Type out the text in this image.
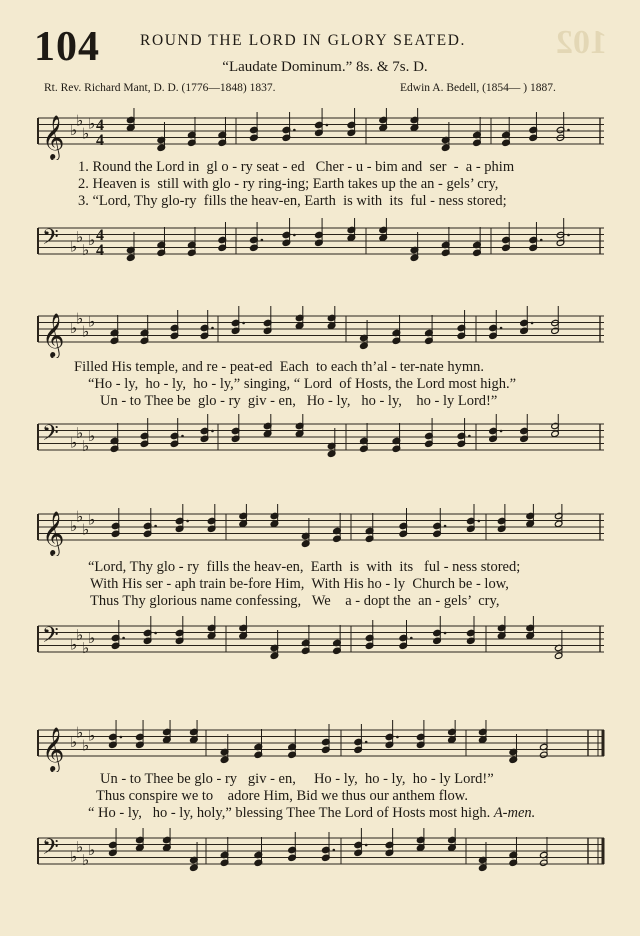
102
104	ROUND THE LORD IN GLORY SEATED.
“Laudate Dominum.” 8s. & 7s. D.
Rt. Rev. Richard Mant, D. D. (1776—1848) 1837.	Edwin A. Bedell, (1854— ) 1887.
𝄞 ♭
♭
♭
♭ 4
4
1. Round the Lord in  gl o - ry seat - ed   Cher - u - bim and  ser  -  a - phim
2. Heaven is  still with glo - ry ring-ing; Earth takes up the an - gels’ cry,
3. “Lord, Thy glo-ry  fills the heav-en, Earth  is with  its  ful - ness stored;
𝄢 ♭
♭
♭
♭ 4
4
𝄞 ♭
♭
♭
♭
Filled His temple, and re - peat-ed  Each  to each th’al - ter-nate hymn.
“Ho - ly,  ho - ly,  ho - ly,” singing, “ Lord  of Hosts, the Lord most high.”
Un - to Thee be  glo - ry  giv - en,   Ho - ly,   ho - ly,    ho - ly Lord!”
𝄢 ♭
♭
♭
♭
𝄞 ♭
♭
♭
♭
“Lord, Thy glo - ry  fills the heav-en,  Earth  is  with  its   ful - ness stored;
With His ser - aph train be-fore Him,  With His ho - ly  Church be - low,
Thus Thy glorious name confessing,   We    a - dopt the  an - gels’  cry,
𝄢 ♭
♭
♭
♭
𝄞 ♭
♭
♭
♭
Un - to Thee be glo - ry   giv - en,     Ho - ly,  ho - ly,  ho - ly Lord!”
Thus conspire we to    adore Him, Bid we thus our anthem flow.
“ Ho - ly,   ho - ly, holy,” blessing Thee The Lord of Hosts most high. A-men.
𝄢 ♭
♭
♭
♭
